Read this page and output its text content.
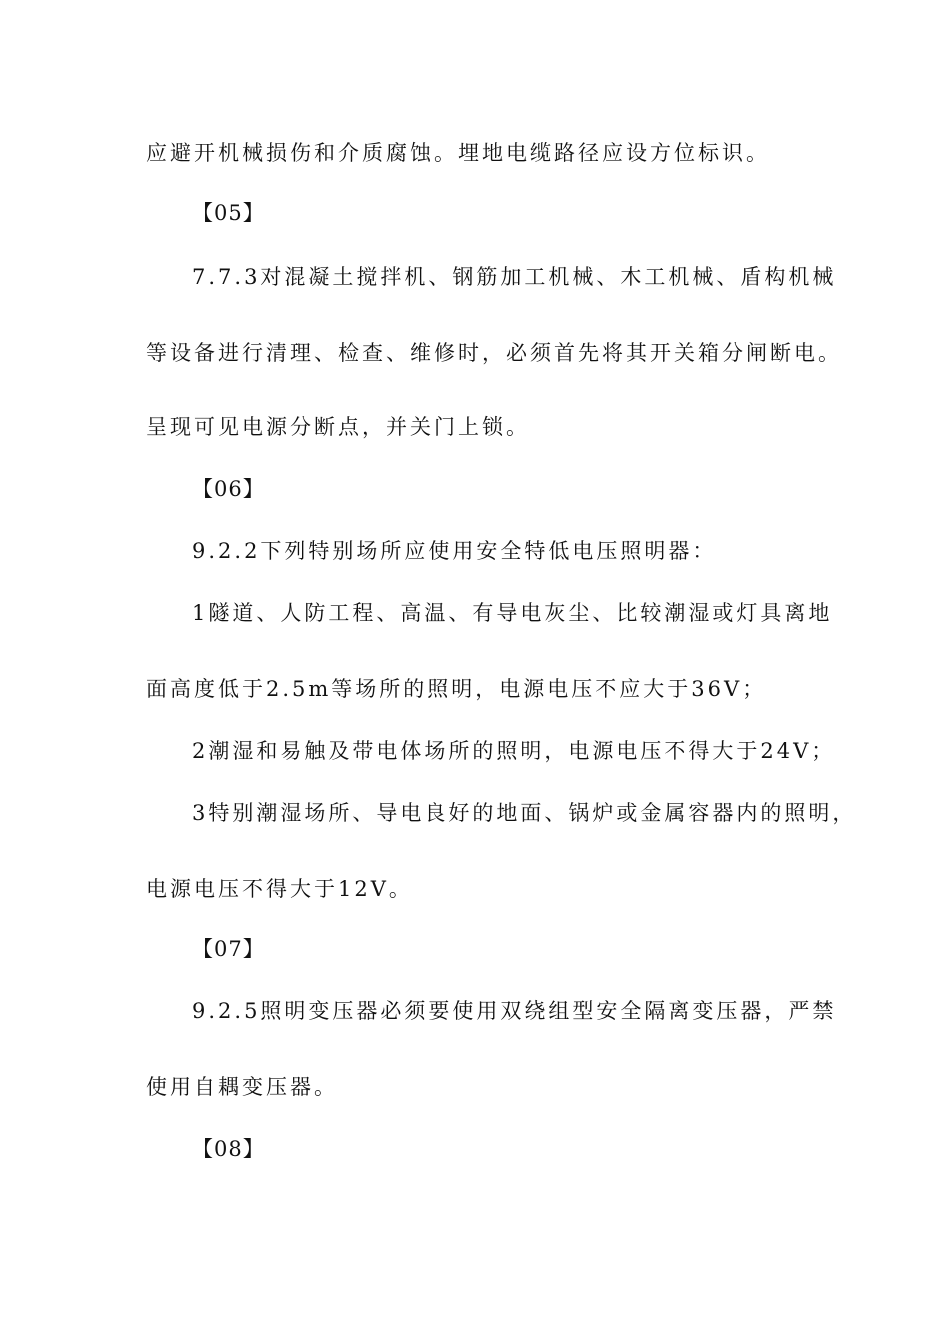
应避开机械损伤和介质腐蚀。埋地电缆路径应设方位标识。
【05】
7.7.3对混凝土搅拌机、钢筋加工机械、木工机械、盾构机械
等设备进行清理、检查、维修时，必须首先将其开关箱分闸断电。
呈现可见电源分断点，并关门上锁。
【06】
9.2.2下列特别场所应使用安全特低电压照明器：
1隧道、人防工程、高温、有导电灰尘、比较潮湿或灯具离地
面高度低于2.5m等场所的照明，电源电压不应大于36V；
2潮湿和易触及带电体场所的照明，电源电压不得大于24V；
3特别潮湿场所、导电良好的地面、锅炉或金属容器内的照明，
电源电压不得大于12V。
【07】
9.2.5照明变压器必须要使用双绕组型安全隔离变压器，严禁
使用自耦变压器。
【08】
